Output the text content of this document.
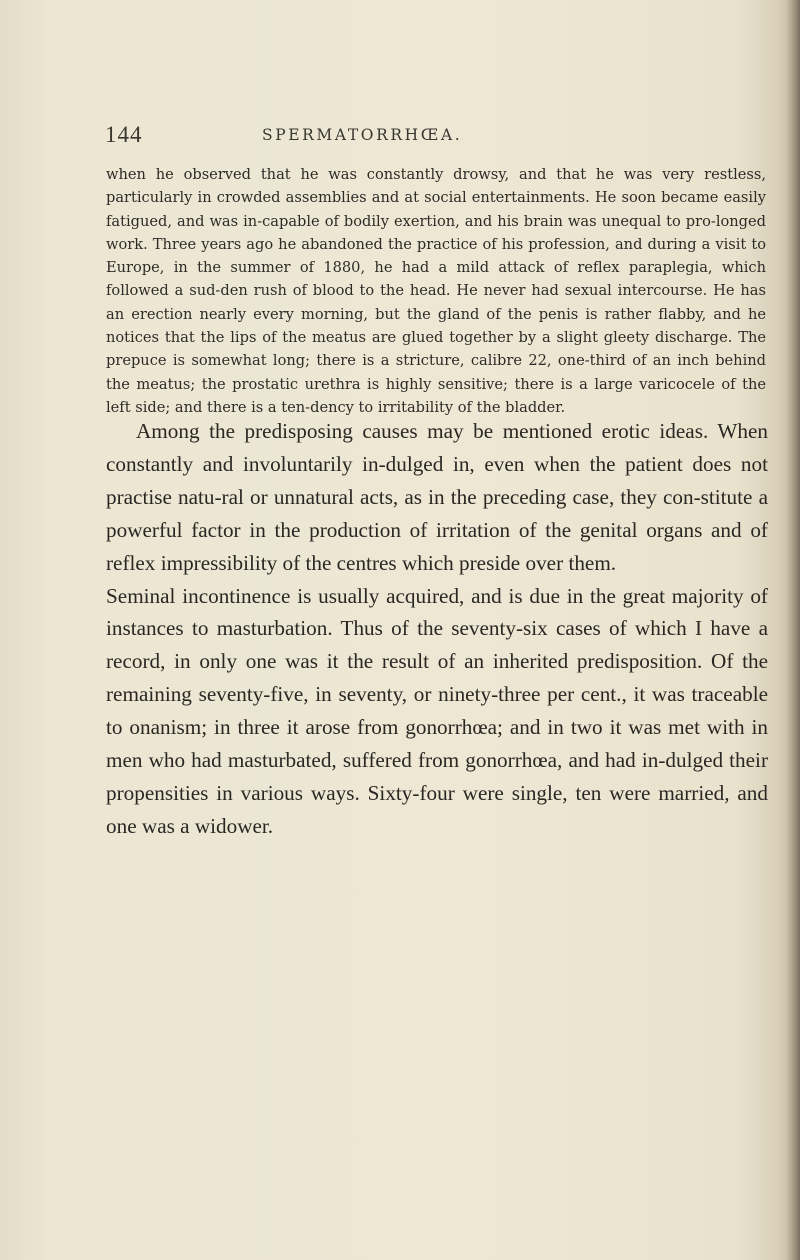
144	SPERMATORRHŒA.

when he observed that he was constantly drowsy, and that he was very restless, particularly in crowded assemblies and at social entertainments. He soon became easily fatigued, and was in-capable of bodily exertion, and his brain was unequal to pro-longed work. Three years ago he abandoned the practice of his profession, and during a visit to Europe, in the summer of 1880, he had a mild attack of reflex paraplegia, which followed a sud-den rush of blood to the head. He never had sexual intercourse. He has an erection nearly every morning, but the gland of the penis is rather flabby, and he notices that the lips of the meatus are glued together by a slight gleety discharge. The prepuce is somewhat long; there is a stricture, calibre 22, one-third of an inch behind the meatus; the prostatic urethra is highly sensitive; there is a large varicocele of the left side; and there is a ten-dency to irritability of the bladder.

Among the predisposing causes may be mentioned erotic ideas. When constantly and involuntarily in-dulged in, even when the patient does not practise natu-ral or unnatural acts, as in the preceding case, they con-stitute a powerful factor in the production of irritation of the genital organs and of reflex impressibility of the centres which preside over them.

Seminal incontinence is usually acquired, and is due in the great majority of instances to masturbation. Thus of the seventy-six cases of which I have a record, in only one was it the result of an inherited predisposition. Of the remaining seventy-five, in seventy, or ninety-three per cent., it was traceable to onanism; in three it arose from gonorrhœa; and in two it was met with in men who had masturbated, suffered from gonorrhœa, and had in-dulged their propensities in various ways. Sixty-four were single, ten were married, and one was a widower.
